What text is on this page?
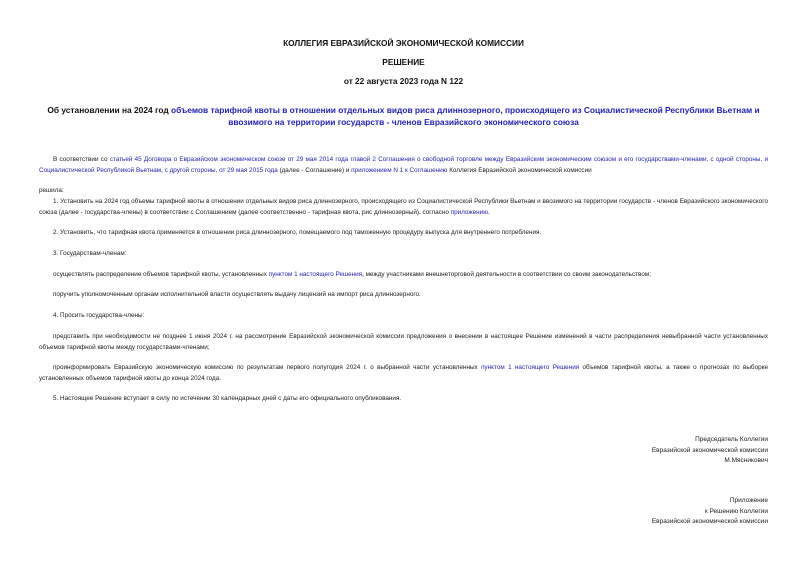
КОЛЛЕГИЯ ЕВРАЗИЙСКОЙ ЭКОНОМИЧЕСКОЙ КОМИССИИ
РЕШЕНИЕ
от 22 августа 2023 года N 122
Об установлении на 2024 год объемов тарифной квоты в отношении отдельных видов риса длиннозерного, происходящего из Социалистической Республики Вьетнам и ввозимого на территории государств - членов Евразийского экономического союза
В соответствии со статьей 45 Договора о Евразийском экономическом союзе от 29 мая 2014 года главой 2 Соглашения о свободной торговле между Евразийским экономическим союзом и его государствами-членами, с одной стороны, и Социалистической Республикой Вьетнам, с другой стороны, от 29 мая 2015 года (далее - Соглашение) и приложением N 1 к Соглашению Коллегия Евразийской экономической комиссии
решила:
1. Установить на 2024 год объемы тарифной квоты в отношении отдельных видов риса длиннозерного, происходящего из Социалистической Республики Вьетнам и ввозимого на территории государств - членов Евразийского экономического союза (далее - государства-члены) в соответствии с Соглашением (далее соответственно - тарифная квота, рис длиннозерный), согласно приложению.
2. Установить, что тарифная квота применяется в отношении риса длиннозерного, помещаемого под таможенную процедуру выпуска для внутреннего потребления.
3. Государствам-членам:
осуществлять распределение объемов тарифной квоты, установленных пунктом 1 настоящего Решения, между участниками внешнеторговой деятельности в соответствии со своим законодательством;
поручить уполномоченным органам исполнительной власти осуществлять выдачу лицензий на импорт риса длиннозерного.
4. Просить государства-члены:
представить при необходимости не позднее 1 июня 2024 г. на рассмотрение Евразийской экономической комиссии предложения о внесении в настоящее Решение изменений в части распределения невыбранной части установленных объемов тарифной квоты между государствами-членами;
проинформировать Евразийскую экономическую комиссию по результатам первого полугодия 2024 г. о выбранной части установленных пунктом 1 настоящего Решения объемов тарифной квоты, а также о прогнозах по выборке установленных объемов тарифной квоты до конца 2024 года.
5. Настоящее Решение вступает в силу по истечении 30 календарных дней с даты его официального опубликования.
Председатель Коллегии
Евразийской экономической комиссии
М.Мясникович
Приложение
к Решению Коллегии
Евразийской экономической комиссии
